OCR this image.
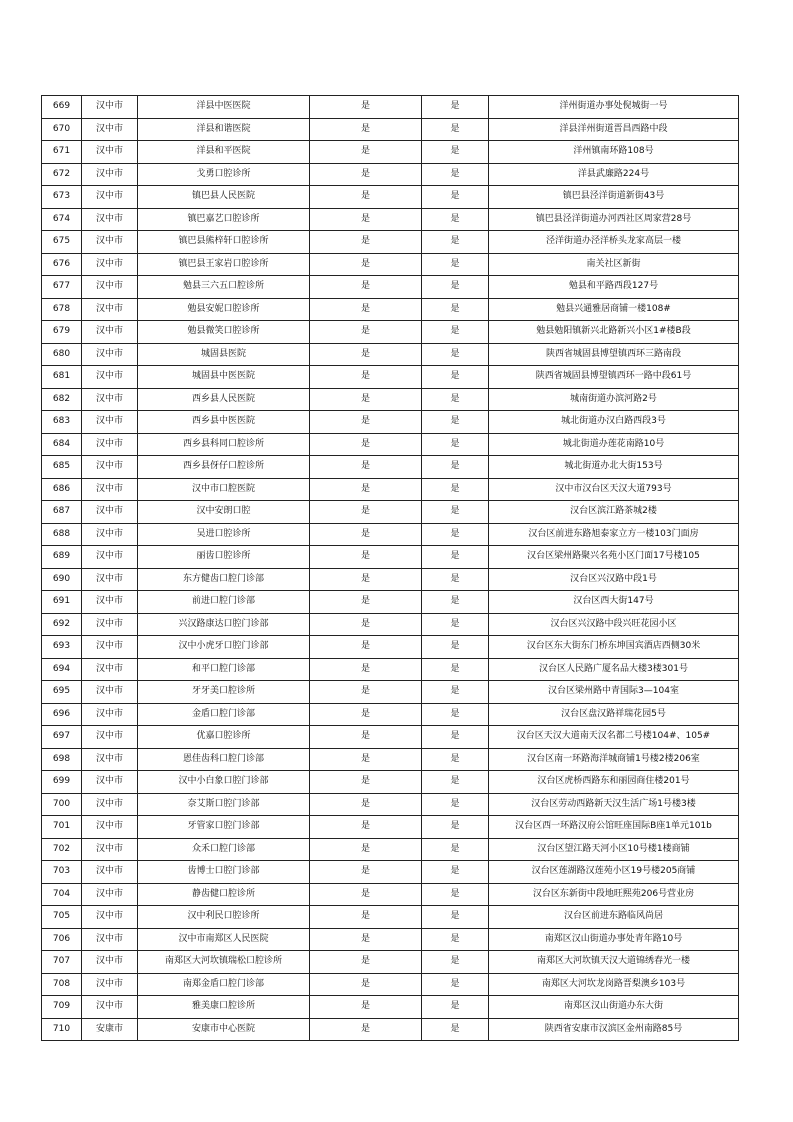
669	汉中市	洋县中医医院	是	是	洋州街道办事处倪城街一号
670	汉中市	洋县和谐医院	是	是	洋县洋州街道晋昌西路中段
671	汉中市	洋县和平医院	是	是	洋州镇南环路108号
672	汉中市	戈勇口腔诊所	是	是	洋县武廉路224号
673	汉中市	镇巴县人民医院	是	是	镇巴县泾洋街道新街43号
674	汉中市	镇巴嘉艺口腔诊所	是	是	镇巴县泾洋街道办河西社区周家营28号
675	汉中市	镇巴县熊梓轩口腔诊所	是	是	泾洋街道办泾洋桥头龙家高层一楼
676	汉中市	镇巴县王家岩口腔诊所	是	是	南关社区新街
677	汉中市	勉县三六五口腔诊所	是	是	勉县和平路西段127号
678	汉中市	勉县安妮口腔诊所	是	是	勉县兴通雅居商铺一楼108#
679	汉中市	勉县微笑口腔诊所	是	是	勉县勉阳镇新兴北路新兴小区1#楼B段
680	汉中市	城固县医院	是	是	陕西省城固县博望镇西环三路南段
681	汉中市	城固县中医医院	是	是	陕西省城固县博望镇西环一路中段61号
682	汉中市	西乡县人民医院	是	是	城南街道办滨河路2号
683	汉中市	西乡县中医医院	是	是	城北街道办汉白路西段3号
684	汉中市	西乡县科同口腔诊所	是	是	城北街道办莲花南路10号
685	汉中市	西乡县伢仔口腔诊所	是	是	城北街道办北大街153号
686	汉中市	汉中市口腔医院	是	是	汉中市汉台区天汉大道793号
687	汉中市	汉中安朗口腔	是	是	汉台区滨江路茶城2楼
688	汉中市	吴进口腔诊所	是	是	汉台区前进东路旭泰家立方一楼103门面房
689	汉中市	丽齿口腔诊所	是	是	汉台区梁州路聚兴名苑小区门面17号楼105
690	汉中市	东方健齿口腔门诊部	是	是	汉台区兴汉路中段1号
691	汉中市	前进口腔门诊部	是	是	汉台区西大街147号
692	汉中市	兴汉路康达口腔门诊部	是	是	汉台区兴汉路中段兴旺花园小区
693	汉中市	汉中小虎牙口腔门诊部	是	是	汉台区东大街东门桥东坤国宾酒店西侧30米
694	汉中市	和平口腔门诊部	是	是	汉台区人民路广厦名品大楼3楼301号
695	汉中市	牙牙美口腔诊所	是	是	汉台区梁州路中青国际3—104室
696	汉中市	金盾口腔门诊部	是	是	汉台区盘汉路祥瑞花园5号
697	汉中市	优嘉口腔诊所	是	是	汉台区天汉大道南天汉名都二号楼104#、105#
698	汉中市	恩佳齿科口腔门诊部	是	是	汉台区南一环路海洋城商铺1号楼2楼206室
699	汉中市	汉中小白象口腔门诊部	是	是	汉台区虎桥西路东和丽园商住楼201号
700	汉中市	奈艾斯口腔门诊部	是	是	汉台区劳动西路新天汉生活广场1号楼3楼
701	汉中市	牙管家口腔门诊部	是	是	汉台区西一环路汉府公馆旺座国际B座1单元101b
702	汉中市	众禾口腔门诊部	是	是	汉台区望江路天河小区10号楼1楼商铺
703	汉中市	齿博士口腔门诊部	是	是	汉台区莲湖路汉莲苑小区19号楼205商铺
704	汉中市	静齿健口腔诊所	是	是	汉台区东新街中段地旺熙苑206号营业房
705	汉中市	汉中利民口腔诊所	是	是	汉台区前进东路临风尚居
706	汉中市	汉中市南郑区人民医院	是	是	南郑区汉山街道办事处青年路10号
707	汉中市	南郑区大河坎镇瑞松口腔诊所	是	是	南郑区大河坎镇天汉大道锦绣春光一楼
708	汉中市	南郑金盾口腔门诊部	是	是	南郑区大河坎龙岗路晋梨澳乡103号
709	汉中市	雅美康口腔诊所	是	是	南郑区汉山街道办东大街
710	安康市	安康市中心医院	是	是	陕西省安康市汉滨区金州南路85号
